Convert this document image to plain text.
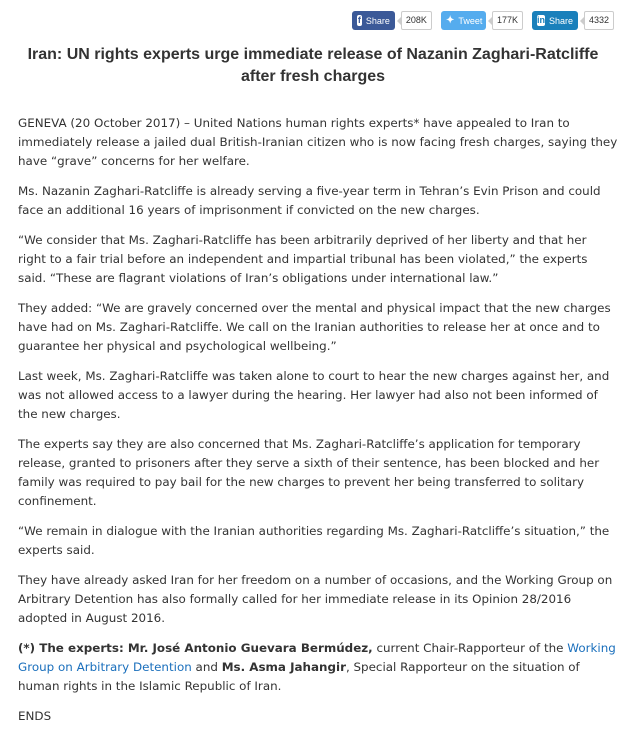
f Share	208K	✦ Tweet	177K	in Share	4332
Iran: UN rights experts urge immediate release of Nazanin Zaghari-Ratcliffe after fresh charges

GENEVA (20 October 2017) – United Nations human rights experts* have appealed to Iran to immediately release a jailed dual British-Iranian citizen who is now facing fresh charges, saying they have “grave” concerns for her welfare.

Ms. Nazanin Zaghari-Ratcliffe is already serving a five-year term in Tehran’s Evin Prison and could face an additional 16 years of imprisonment if convicted on the new charges.

“We consider that Ms. Zaghari-Ratcliffe has been arbitrarily deprived of her liberty and that her right to a fair trial before an independent and impartial tribunal has been violated,” the experts said. “These are flagrant violations of Iran’s obligations under international law.”

They added: “We are gravely concerned over the mental and physical impact that the new charges have had on Ms. Zaghari-Ratcliffe. We call on the Iranian authorities to release her at once and to guarantee her physical and psychological wellbeing.”

Last week, Ms. Zaghari-Ratcliffe was taken alone to court to hear the new charges against her, and was not allowed access to a lawyer during the hearing. Her lawyer had also not been informed of the new charges.

The experts say they are also concerned that Ms. Zaghari-Ratcliffe’s application for temporary release, granted to prisoners after they serve a sixth of their sentence, has been blocked and her family was required to pay bail for the new charges to prevent her being transferred to solitary confinement.

“We remain in dialogue with the Iranian authorities regarding Ms. Zaghari-Ratcliffe’s situation,” the experts said.

They have already asked Iran for her freedom on a number of occasions, and the Working Group on Arbitrary Detention has also formally called for her immediate release in its Opinion 28/2016 adopted in August 2016.

(*) The experts: Mr. José Antonio Guevara Bermúdez, current Chair-Rapporteur of the Working Group on Arbitrary Detention and Ms. Asma Jahangir, Special Rapporteur on the situation of human rights in the Islamic Republic of Iran.

ENDS
